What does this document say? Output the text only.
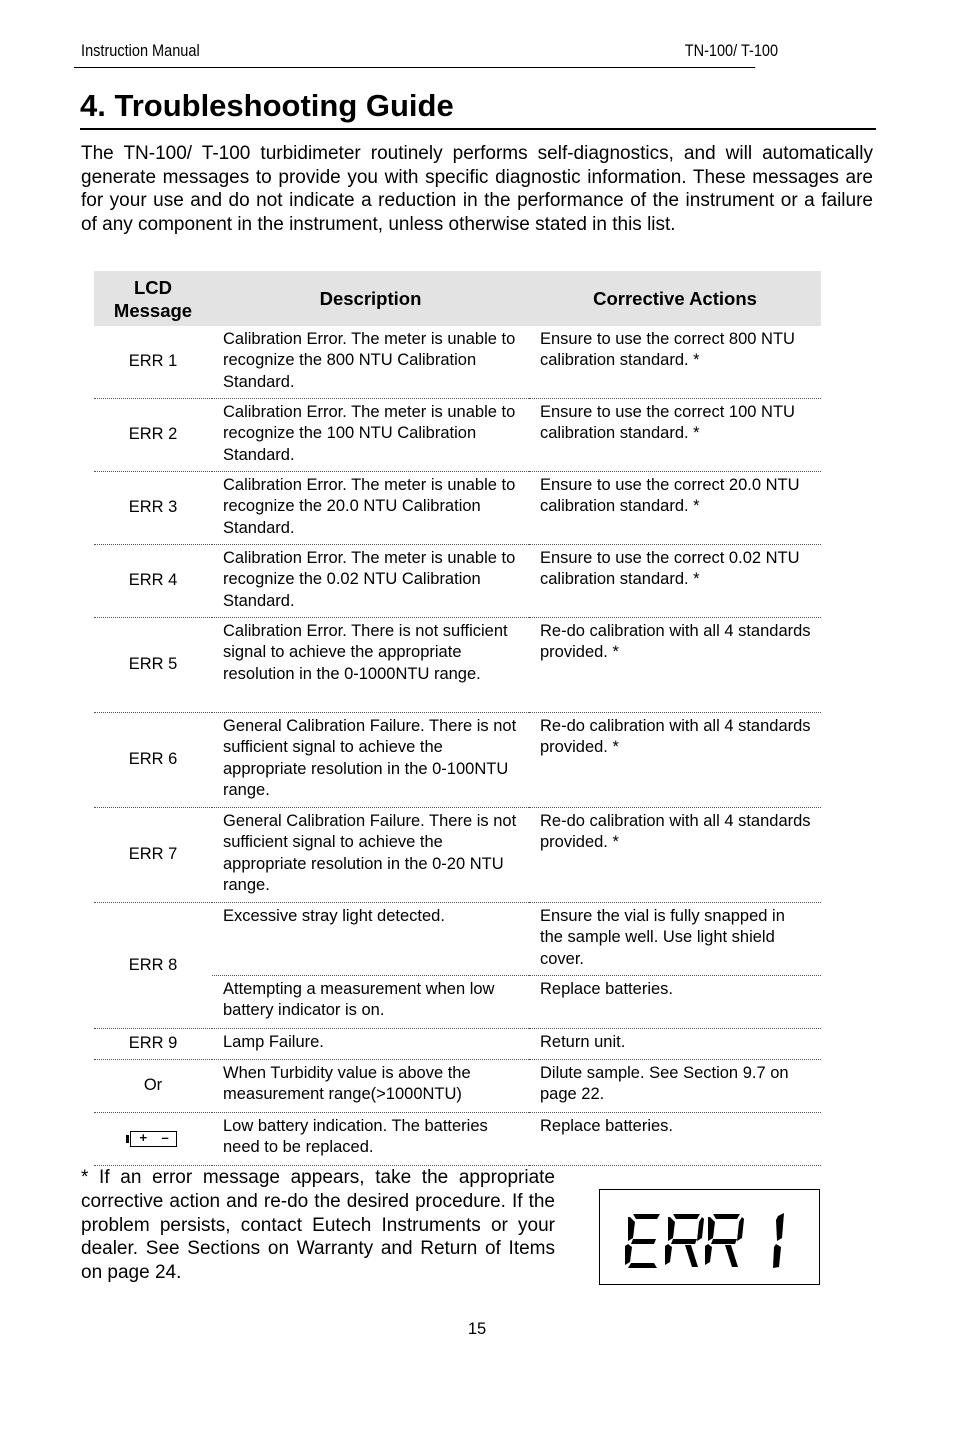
Instruction Manual	TN-100/ T-100
4. Troubleshooting Guide

The TN-100/ T-100 turbidimeter routinely performs self-diagnostics, and will automatically generate messages to provide you with specific diagnostic information. These messages are for your use and do not indicate a reduction in the performance of the instrument or a failure of any component in the instrument, unless otherwise stated in this list.

LCD Message	Description	Corrective Actions
ERR 1	Calibration Error. The meter is unable to recognize the 800 NTU Calibration Standard.	Ensure to use the correct 800 NTU calibration standard. *
ERR 2	Calibration Error. The meter is unable to recognize the 100 NTU Calibration Standard.	Ensure to use the correct 100 NTU calibration standard. *
ERR 3	Calibration Error. The meter is unable to recognize the 20.0 NTU Calibration Standard.	Ensure to use the correct 20.0 NTU calibration standard. *
ERR 4	Calibration Error. The meter is unable to recognize the 0.02 NTU Calibration Standard.	Ensure to use the correct 0.02 NTU calibration standard. *
ERR 5	Calibration Error. There is not sufficient signal to achieve the appropriate resolution in the 0-1000NTU range.	Re-do calibration with all 4 standards provided. *
ERR 6	General Calibration Failure. There is not sufficient signal to achieve the appropriate resolution in the 0-100NTU range.	Re-do calibration with all 4 standards provided. *
ERR 7	General Calibration Failure. There is not sufficient signal to achieve the appropriate resolution in the 0-20 NTU range.	Re-do calibration with all 4 standards provided. *
ERR 8	Excessive stray light detected.	Ensure the vial is fully snapped in the sample well. Use light shield cover.
	Attempting a measurement when low battery indicator is on.	Replace batteries.
ERR 9	Lamp Failure.	Return unit.
Or	When Turbidity value is above the measurement range(>1000NTU)	Dilute sample. See Section 9.7 on page 22.

+ –	Low battery indication. The batteries need to be replaced.	Replace batteries.

* If an error message appears, take the appropriate corrective action and re-do the desired procedure. If the problem persists, contact Eutech Instruments or your dealer. See Sections on Warranty and Return of Items on page 24.

15
